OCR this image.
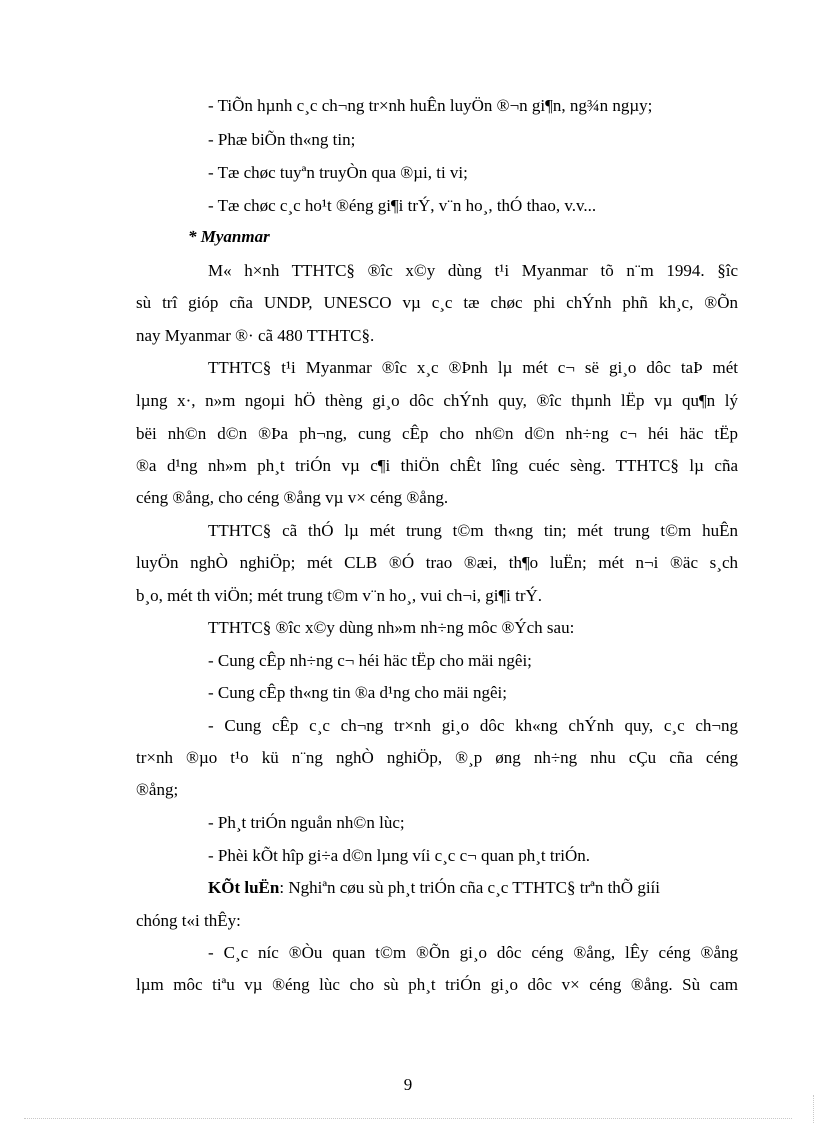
- TiÕn hµnh c¸c ch¬ng tr×nh huÊn luyÖn ®¬n gi¶n, ng¾n ngµy;
- Phæ biÕn th«ng tin;
- Tæ chøc tuyªn truyÒn qua ®µi, ti vi;
- Tæ chøc c¸c ho¹t ®éng gi¶i trÝ, v¨n ho¸, thÓ thao, v.v...
* Myanmar
M« h×nh TTHTC§ ®îc x©y dùng t¹i Myanmar tõ n¨m 1994. §îc
sù trî gióp cña UNDP, UNESCO vµ c¸c tæ chøc phi chÝnh phñ kh¸c, ®Õn
nay Myanmar ®· cã 480 TTHTC§.
TTHTC§ t¹i Myanmar ®îc x¸c ®Þnh lµ mét c¬ së gi¸o dôc taÞ mét
lµng x·, n»m ngoµi hÖ thèng gi¸o dôc chÝnh quy, ®îc thµnh lËp vµ qu¶n lý
bëi nh©n d©n ®Þa ph¬ng, cung cÊp cho nh©n d©n nh÷ng c¬ héi häc tËp
®a d¹ng nh»m ph¸t triÓn vµ c¶i thiÖn chÊt lîng cuéc sèng. TTHTC§ lµ cña
céng ®ång, cho céng ®ång vµ v× céng ®ång.
TTHTC§ cã thÓ lµ mét trung t©m th«ng tin; mét trung t©m huÊn
luyÖn nghÒ nghiÖp; mét CLB ®Ó trao ®æi, th¶o luËn; mét n¬i ®äc s¸ch
b¸o, mét th viÖn; mét trung t©m v¨n ho¸, vui ch¬i, gi¶i trÝ.
TTHTC§ ®îc x©y dùng nh»m nh÷ng môc ®Ých sau:
- Cung cÊp nh÷ng c¬ héi häc tËp cho mäi ngêi;
- Cung cÊp th«ng tin ®a d¹ng cho mäi ngêi;
- Cung cÊp c¸c ch¬ng tr×nh gi¸o dôc kh«ng chÝnh quy, c¸c ch¬ng
tr×nh ®µo t¹o kü n¨ng nghÒ nghiÖp, ®¸p øng nh÷ng nhu cÇu cña céng
®ång;
- Ph¸t triÓn nguån nh©n lùc;
- Phèi kÕt hîp gi÷a d©n lµng víi c¸c c¬ quan ph¸t triÓn.
KÕt luËn: Nghiªn cøu sù ph¸t triÓn cña c¸c TTHTC§ trªn thÕ giíi
chóng t«i thÊy:
- C¸c níc ®Òu quan t©m ®Õn gi¸o dôc céng ®ång, lÊy céng ®ång
lµm môc tiªu vµ ®éng lùc cho sù ph¸t triÓn gi¸o dôc v× céng ®ång. Sù cam
9
